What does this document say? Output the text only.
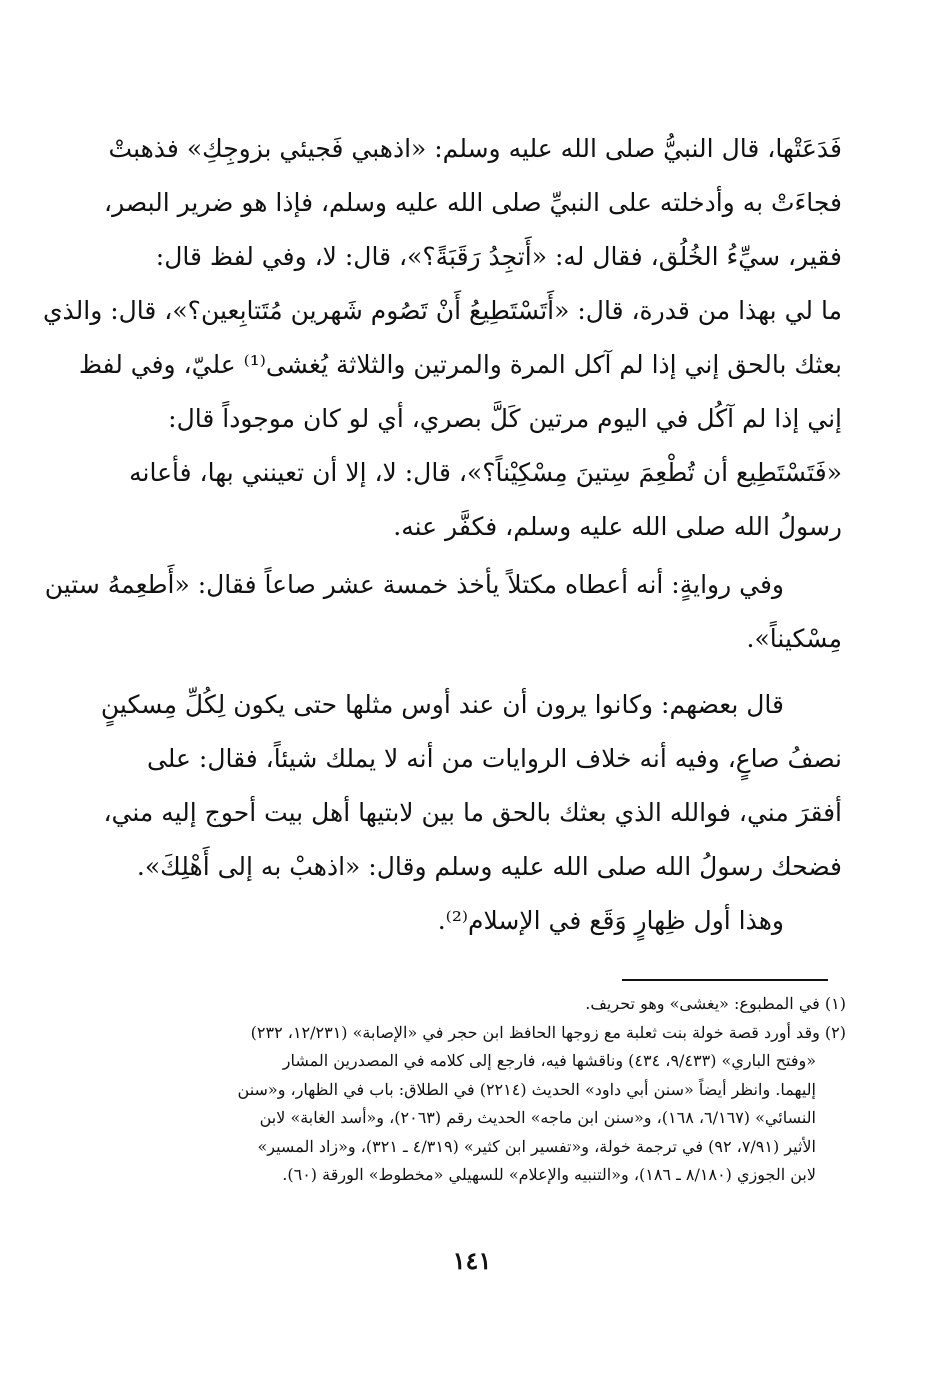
فَدَعَتْها، قال النبيُّ صلى الله عليه وسلم: «اذهبي فَجيئي بزوجِكِ» فذهبتْ
فجاءَتْ به وأدخلته على النبيِّ صلى الله عليه وسلم، فإذا هو ضرير البصر،
فقير، سيِّءُ الخُلُق، فقال له: «أَتجِدُ رَقَبَةً؟»، قال: لا، وفي لفظ قال:
ما لي بهذا من قدرة، قال: «أَتَسْتَطِيعُ أَنْ تَصُوم شَهرين مُتَتابِعين؟»، قال: والذي
بعثك بالحق إني إذا لم آكل المرة والمرتين والثلاثة يُغشى⁽¹⁾ عليّ، وفي لفظ
إني إذا لم آكُل في اليوم مرتين كَلَّ بصري، أي لو كان موجوداً قال:
«فَتَسْتَطِيع أن تُطْعِمَ سِتينَ مِسْكِيْناً؟»، قال: لا، إلا أن تعينني بها، فأعانه
رسولُ الله صلى الله عليه وسلم، فكفَّر عنه.
وفي روايةٍ: أنه أعطاه مكتلاً يأخذ خمسة عشر صاعاً فقال: «أَطعِمهُ ستين
مِسْكيناً».
قال بعضهم: وكانوا يرون أن عند أوس مثلها حتى يكون لِكُلِّ مِسكينٍ
نصفُ صاعٍ، وفيه أنه خلاف الروايات من أنه لا يملك شيئاً، فقال: على
أفقرَ مني، فوالله الذي بعثك بالحق ما بين لابتيها أهل بيت أحوج إليه مني،
فضحك رسولُ الله صلى الله عليه وسلم وقال: «اذهبْ به إلى أَهْلِكَ».
وهذا أول ظِهارٍ وَقَع في الإسلام⁽²⁾.
(١) في المطبوع: «يغشى» وهو تحريف.
(٢) وقد أورد قصة خولة بنت ثعلبة مع زوجها الحافظ ابن حجر في «الإصابة» (١٢/٢٣١، ٢٣٢)
«وفتح الباري» (٩/٤٣٣، ٤٣٤) وناقشها فيه، فارجع إلى كلامه في المصدرين المشار
إليهما. وانظر أيضاً «سنن أبي داود» الحديث (٢٢١٤) في الطلاق: باب في الظهار، و«سنن
النسائي» (٦/١٦٧، ١٦٨)، و«سنن ابن ماجه» الحديث رقم (٢٠٦٣)، و«أسد الغابة» لابن
الأثير (٧/٩١، ٩٢) في ترجمة خولة، و«تفسير ابن كثير» (٤/٣١٩ ـ ٣٢١)، و«زاد المسير»
لابن الجوزي (٨/١٨٠ ـ ١٨٦)، و«التنبيه والإعلام» للسهيلي «مخطوط» الورقة (٦٠).
١٤١
